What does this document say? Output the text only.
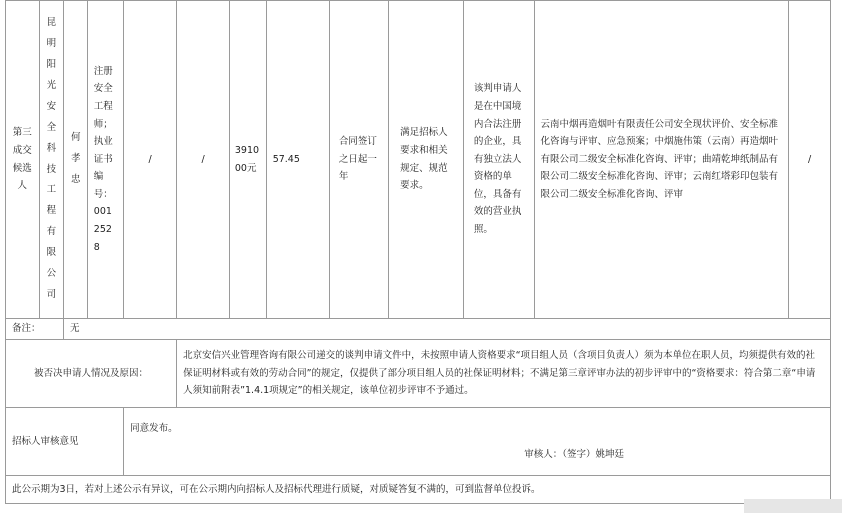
第三成交候选人	昆明阳光安全科技工程有限公司	何孝忠	注册安全工程师；执业证书编号：0012528	/	/	391000元	57.45	合同签订之日起一年	满足招标人要求和相关规定、规范要求。	该判申请人是在中国境内合法注册的企业，具有独立法人资格的单位，具备有效的营业执照。	云南中烟再造烟叶有限责任公司安全现状评价、安全标准化咨询与评审、应急预案；中烟施伟策（云南）再造烟叶有限公司二级安全标准化咨询、评审；曲靖乾坤纸制品有限公司二级安全标准化咨询、评审；云南红塔彩印包装有限公司二级安全标准化咨询、评审	/
备注：		无										
被否决申请人情况及原因：					北京安信兴业管理咨询有限公司递交的谈判申请文件中，未按照申请人资格要求“项目组人员（含项目负责人）须为本单位在职人员，均须提供有效的社保证明材料或有效的劳动合同”的规定，仅提供了部分项目组人员的社保证明材料；不满足第三章评审办法的初步评审中的“资格要求：符合第二章“申请人须知前附表”1.4.1项规定”的相关规定，该单位初步评审不予通过。							
招标人审核意见				同意发布。
审核人：（签字）姚坤廷								

此公示期为3日，若对上述公示有异议，可在公示期内向招标人及招标代理进行质疑，对质疑答复不满的，可到监督单位投诉。												
